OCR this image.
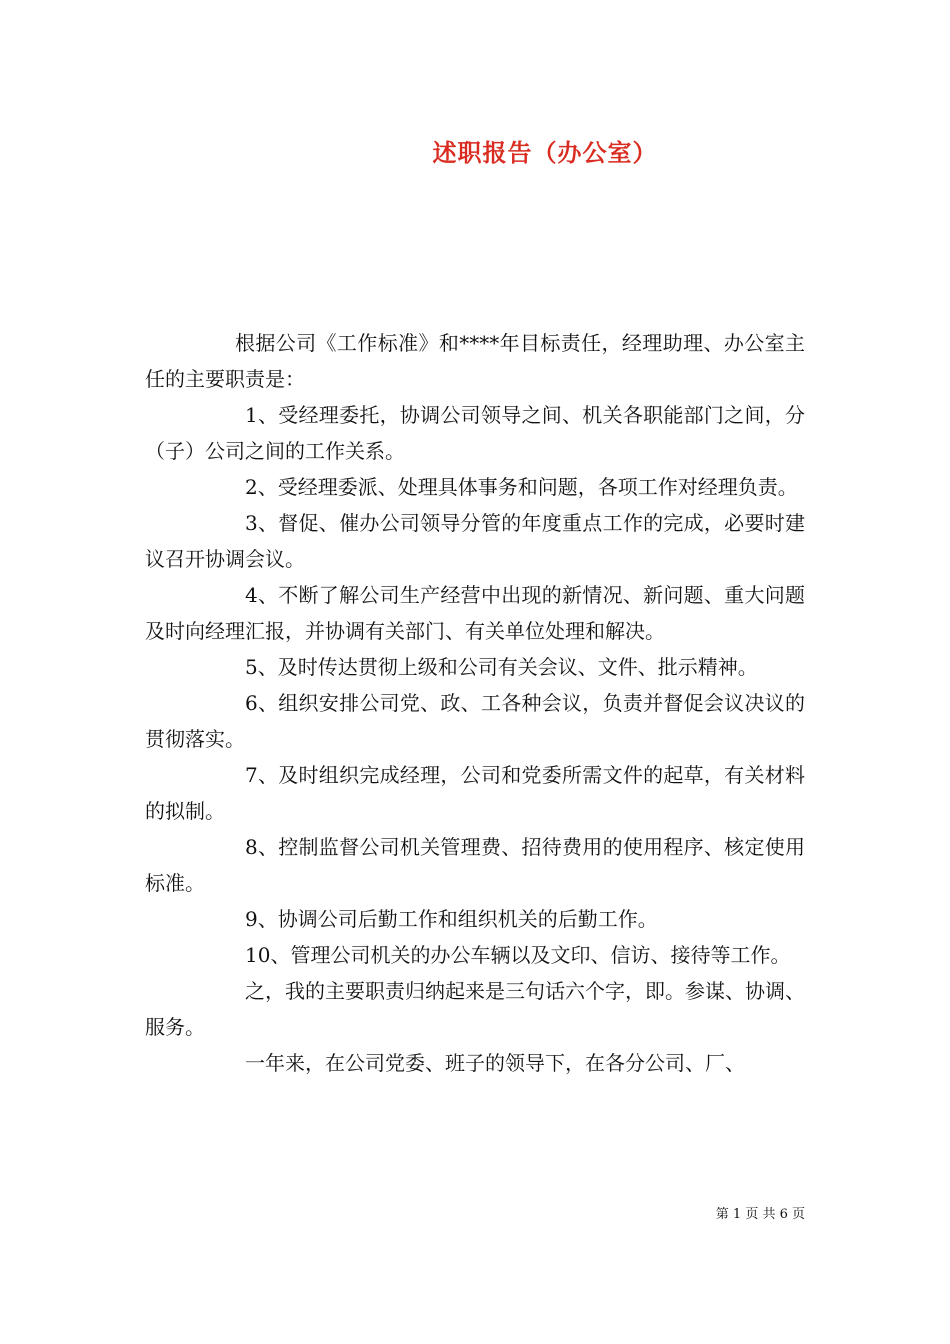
述职报告（办公室）

根据公司《工作标准》和****年目标责任，经理助理、办公室主任的主要职责是：

1、受经理委托，协调公司领导之间、机关各职能部门之间，分（子）公司之间的工作关系。

2、受经理委派、处理具体事务和问题，各项工作对经理负责。

3、督促、催办公司领导分管的年度重点工作的完成，必要时建议召开协调会议。

4、不断了解公司生产经营中出现的新情况、新问题、重大问题及时向经理汇报，并协调有关部门、有关单位处理和解决。

5、及时传达贯彻上级和公司有关会议、文件、批示精神。

6、组织安排公司党、政、工各种会议，负责并督促会议决议的贯彻落实。

7、及时组织完成经理，公司和党委所需文件的起草，有关材料的拟制。

8、控制监督公司机关管理费、招待费用的使用程序、核定使用标准。

9、协调公司后勤工作和组织机关的后勤工作。

10、管理公司机关的办公车辆以及文印、信访、接待等工作。

之，我的主要职责归纳起来是三句话六个字，即。参谋、协调、服务。

一年来，在公司党委、班子的领导下，在各分公司、厂、

第 1 页 共 6 页
